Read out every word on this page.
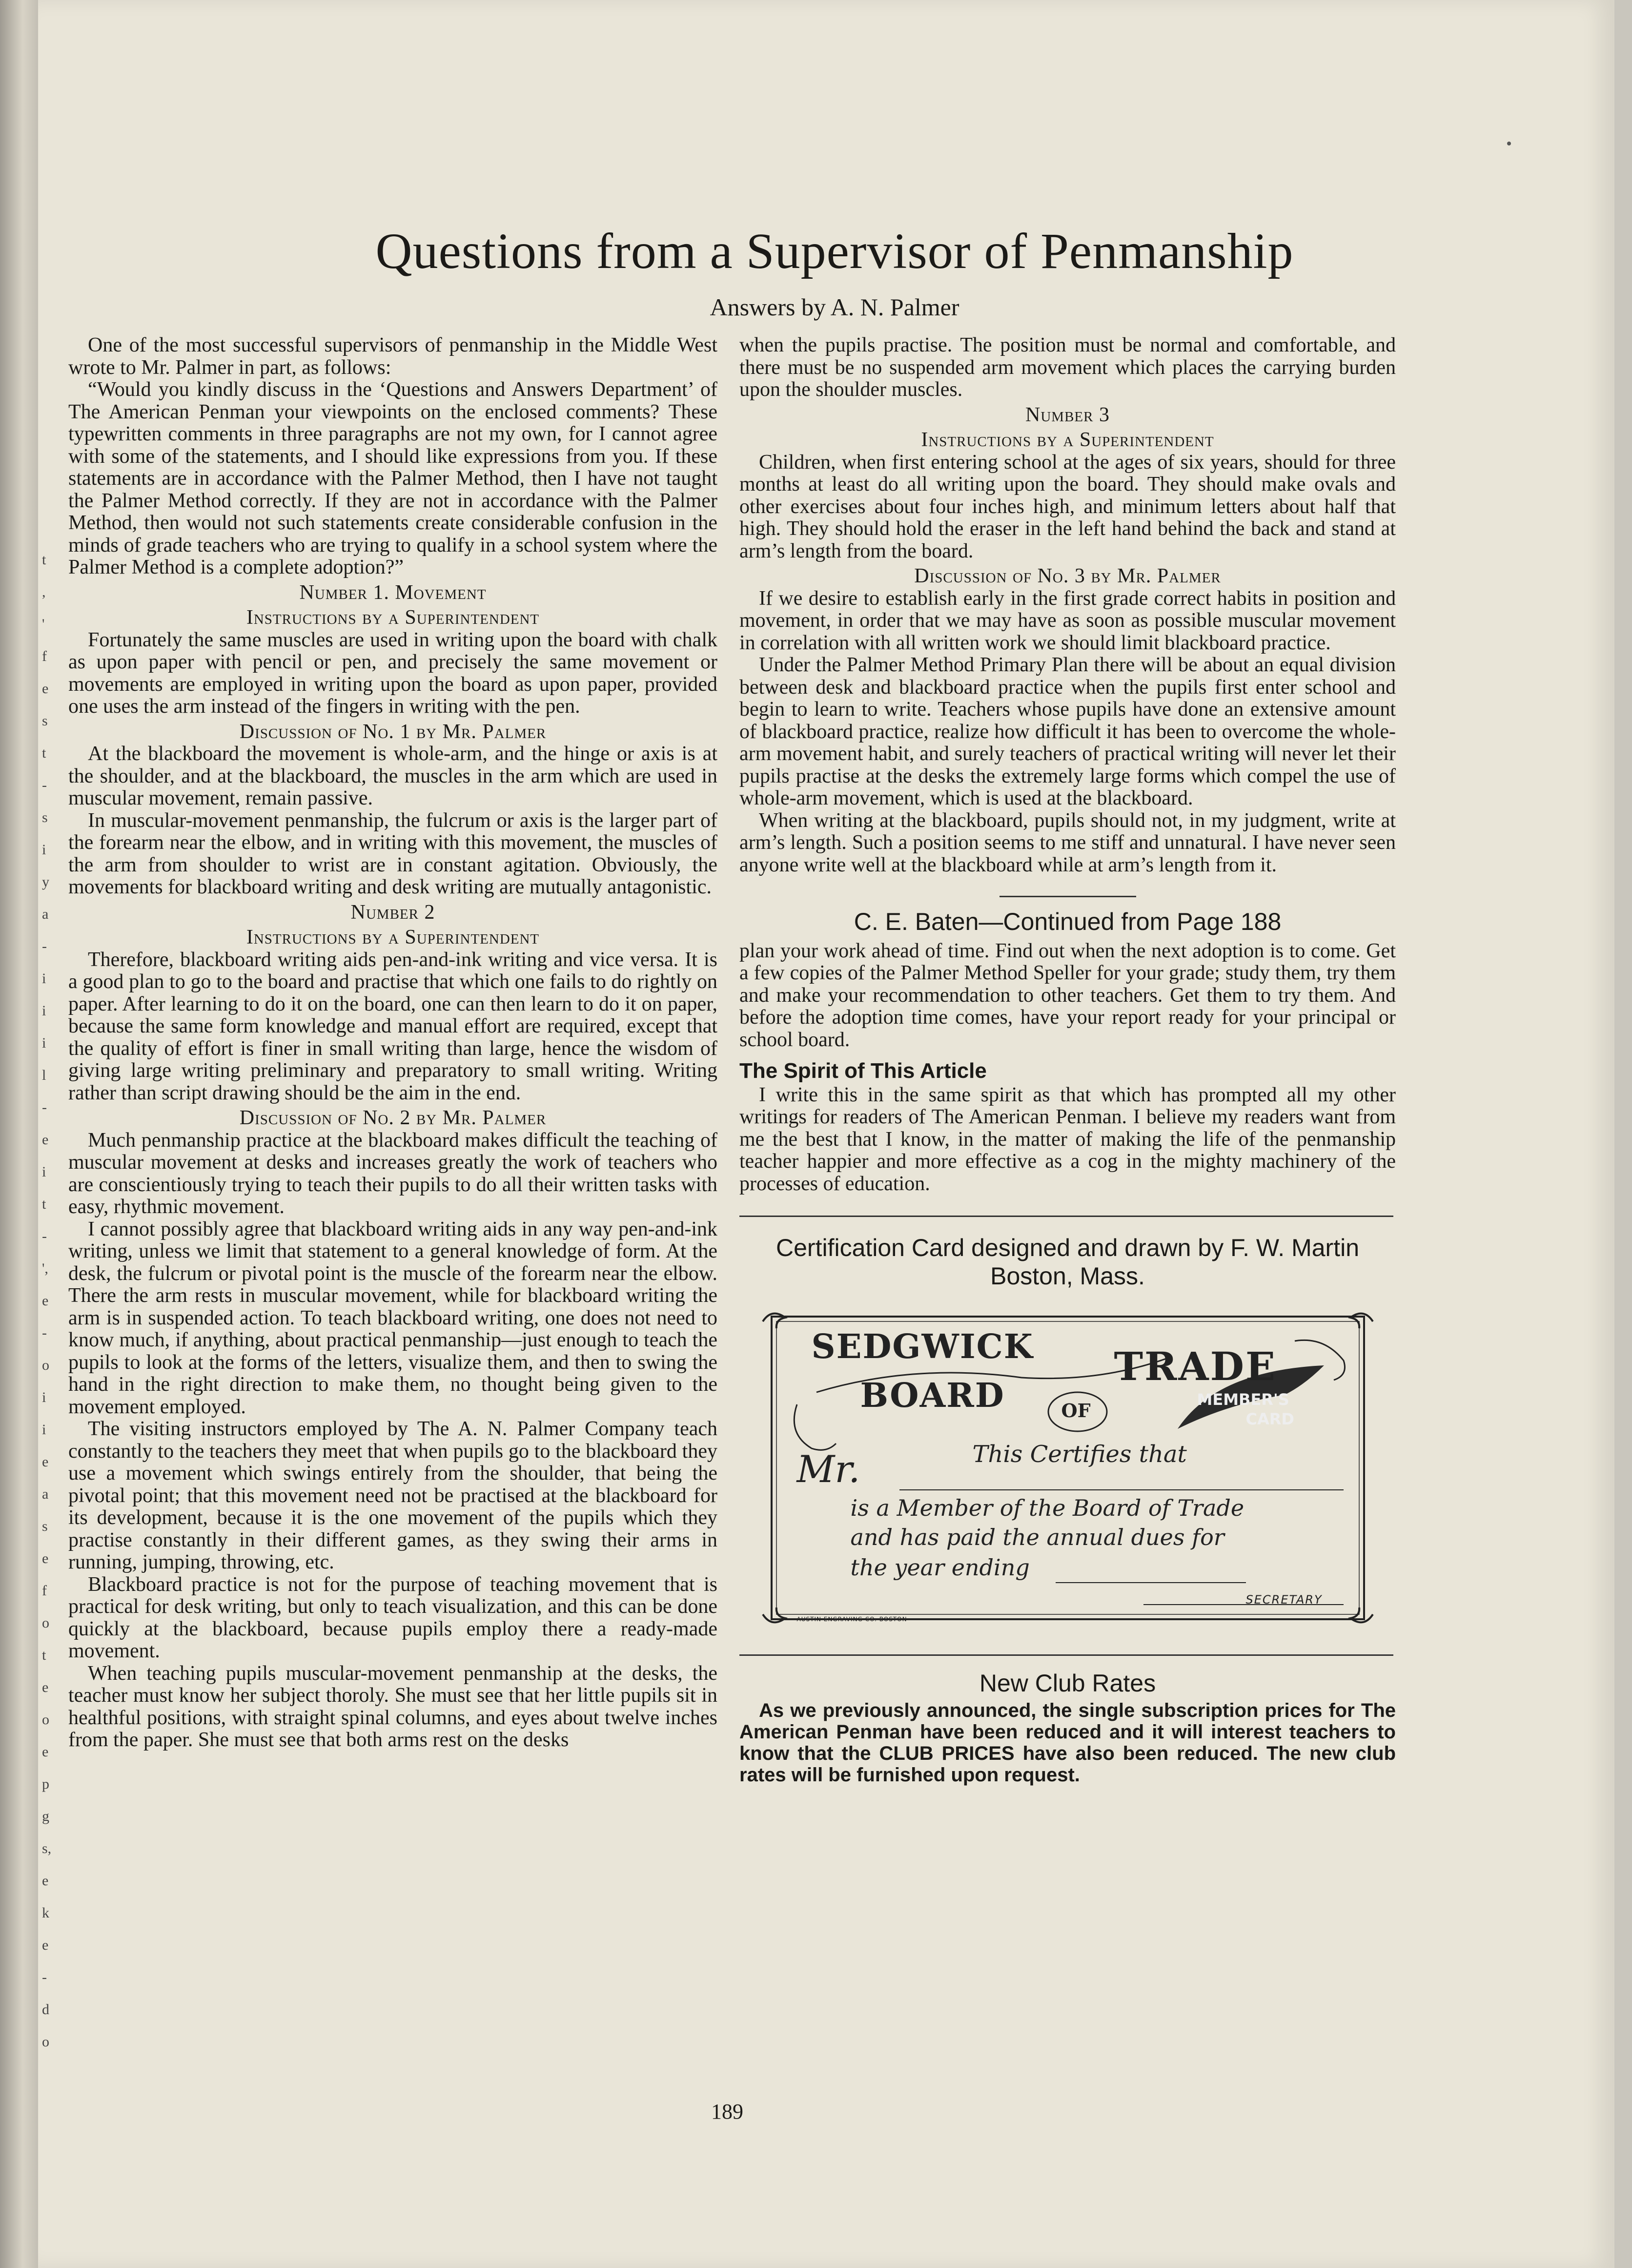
t
,
'
f
e
s
t
-
s
i
y
a
-
i
i
i
l
-
e
i
t
-
',
e
-
o
i
i
e
a
s
e
f
o
t
e
o
e
p
g
s,
e
k
e
-
d
o
Questions from a Supervisor of Penmanship
Answers by A. N. Palmer

One of the most successful supervisors of penmanship in the Middle West wrote to Mr. Palmer in part, as follows:

“Would you kindly discuss in the ‘Questions and Answers Department’ of The American Penman your viewpoints on the enclosed comments? These typewritten comments in three paragraphs are not my own, for I cannot agree with some of the statements, and I should like expressions from you. If these statements are in accordance with the Palmer Method, then I have not taught the Palmer Method correctly. If they are not in accordance with the Palmer Method, then would not such statements create considerable confusion in the minds of grade teachers who are trying to qualify in a school system where the Palmer Method is a complete adoption?”

Number 1. Movement
Instructions by a Superintendent

Fortunately the same muscles are used in writing upon the board with chalk as upon paper with pencil or pen, and precisely the same movement or movements are employed in writing upon the board as upon paper, provided one uses the arm instead of the fingers in writing with the pen.

Discussion of No. 1 by Mr. Palmer

At the blackboard the movement is whole-arm, and the hinge or axis is at the shoulder, and at the blackboard, the muscles in the arm which are used in muscular movement, remain passive.

In muscular-movement penmanship, the fulcrum or axis is the larger part of the forearm near the elbow, and in writing with this movement, the muscles of the arm from shoulder to wrist are in constant agitation. Obviously, the movements for blackboard writing and desk writing are mutually antagonistic.

Number 2
Instructions by a Superintendent

Therefore, blackboard writing aids pen-and-ink writing and vice versa. It is a good plan to go to the board and practise that which one fails to do rightly on paper. After learning to do it on the board, one can then learn to do it on paper, because the same form knowledge and manual effort are required, except that the quality of effort is finer in small writing than large, hence the wisdom of giving large writing preliminary and preparatory to small writing. Writing rather than script drawing should be the aim in the end.

Discussion of No. 2 by Mr. Palmer

Much penmanship practice at the blackboard makes difficult the teaching of muscular movement at desks and increases greatly the work of teachers who are conscientiously trying to teach their pupils to do all their written tasks with easy, rhythmic movement.

I cannot possibly agree that blackboard writing aids in any way pen-and-ink writing, unless we limit that statement to a general knowledge of form. At the desk, the fulcrum or pivotal point is the muscle of the forearm near the elbow. There the arm rests in muscular movement, while for blackboard writing the arm is in suspended action. To teach blackboard writing, one does not need to know much, if anything, about practical penmanship—just enough to teach the pupils to look at the forms of the letters, visualize them, and then to swing the hand in the right direction to make them, no thought being given to the movement employed.

The visiting instructors employed by The A. N. Palmer Company teach constantly to the teachers they meet that when pupils go to the blackboard they use a movement which swings entirely from the shoulder, that being the pivotal point; that this movement need not be practised at the blackboard for its development, because it is the one movement of the pupils which they practise constantly in their different games, as they swing their arms in running, jumping, throwing, etc.

Blackboard practice is not for the purpose of teaching movement that is practical for desk writing, but only to teach visualization, and this can be done quickly at the blackboard, because pupils employ there a ready-made movement.

When teaching pupils muscular-movement penmanship at the desks, the teacher must know her subject thoroly. She must see that her little pupils sit in healthful positions, with straight spinal columns, and eyes about twelve inches from the paper. She must see that both arms rest on the desks

when the pupils practise. The position must be normal and comfortable, and there must be no suspended arm movement which places the carrying burden upon the shoulder muscles.

Number 3
Instructions by a Superintendent

Children, when first entering school at the ages of six years, should for three months at least do all writing upon the board. They should make ovals and other exercises about four inches high, and minimum letters about half that high. They should hold the eraser in the left hand behind the back and stand at arm’s length from the board.

Discussion of No. 3 by Mr. Palmer

If we desire to establish early in the first grade correct habits in position and movement, in order that we may have as soon as possible muscular movement in correlation with all written work we should limit blackboard practice.

Under the Palmer Method Primary Plan there will be about an equal division between desk and blackboard practice when the pupils first enter school and begin to learn to write. Teachers whose pupils have done an extensive amount of blackboard practice, realize how difficult it has been to overcome the whole-arm movement habit, and surely teachers of practical writing will never let their pupils practise at the desks the extremely large forms which compel the use of whole-arm movement, which is used at the blackboard.

When writing at the blackboard, pupils should not, in my judgment, write at arm’s length. Such a position seems to me stiff and unnatural. I have never seen anyone write well at the blackboard while at arm’s length from it.

C. E. Baten—Continued from Page 188

plan your work ahead of time. Find out when the next adoption is to come. Get a few copies of the Palmer Method Speller for your grade; study them, try them and make your recommendation to other teachers. Get them to try them. And before the adoption time comes, have your report ready for your principal or school board.

The Spirit of This Article

I write this in the same spirit as that which has prompted all my other writings for readers of The American Penman. I believe my readers want from me the best that I know, in the matter of making the life of the penmanship teacher happier and more effective as a cog in the mighty machinery of the processes of education.

Certification Card designed and drawn by F. W. Martin
Boston, Mass.
SEDGWICK
BOARD	OF
TRADE
MEMBER'S
CARD
This Certifies that
Mr.
is a Member of the Board of Trade
and has paid the annual dues for
the year ending
SECRETARY
AUSTIN ENGRAVING CO. BOSTON
New Club Rates

As we previously announced, the single subscription prices for The American Penman have been reduced and it will interest teachers to know that the CLUB PRICES have also been reduced. The new club rates will be furnished upon request.

189
